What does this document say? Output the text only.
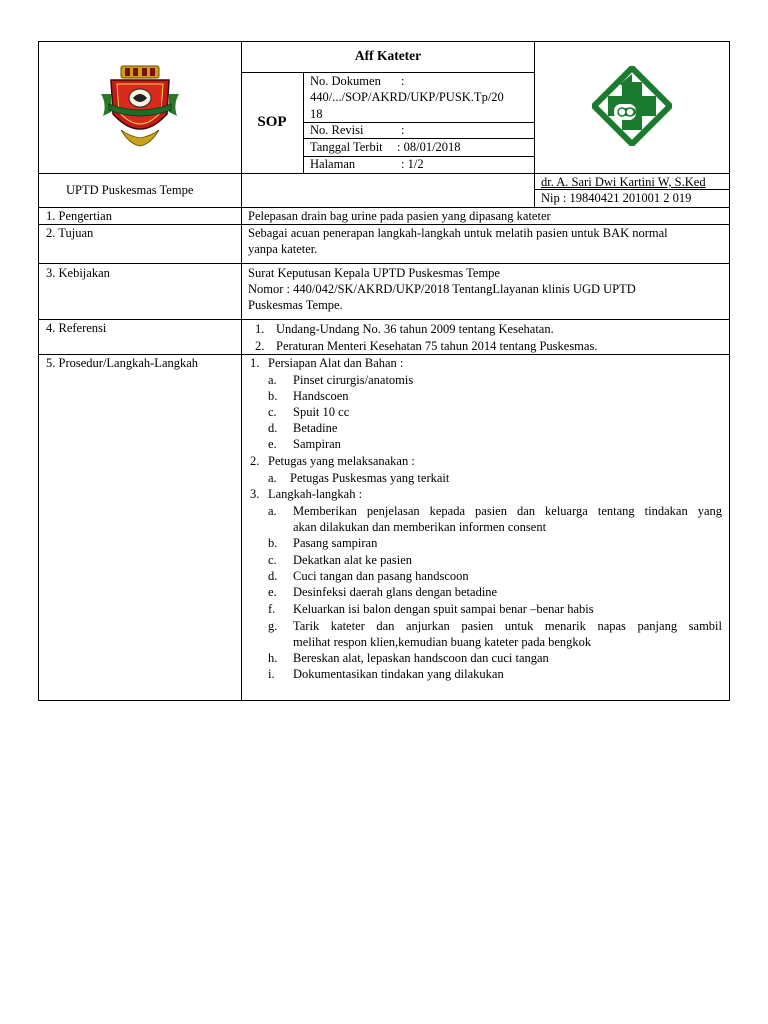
Aff Kateter
SOP
No. Dokumen :
440/.../SOP/AKRD/UKP/PUSK.Tp/20
18
No. Revisi	:
Tanggal Terbit : 08/01/2018
Halaman	: 1/2
UPTD Puskesmas Tempe
dr. A. Sari Dwi Kartini W, S.Ked
Nip : 19840421 201001 2 019
1. Pengertian	Pelepasan drain bag urine pada pasien yang dipasang kateter
2. Tujuan	Sebagai acuan penerapan langkah-langkah untuk melatih pasien untuk BAK normal
yanpa kateter.
3. Kebijakan	Surat Keputusan Kepala UPTD Puskesmas Tempe
Nomor : 440/042/SK/AKRD/UKP/2018 TentangLlayanan klinis UGD UPTD
Puskesmas Tempe.
4. Referensi	1. Undang-Undang No. 36 tahun 2009 tentang Kesehatan.
2. Peraturan Menteri Kesehatan 75 tahun 2014 tentang Puskesmas.
5. Prosedur/Langkah-Langkah	1. Persiapan Alat dan Bahan :
a. Pinset cirurgis/anatomis
b. Handscoen
c. Spuit 10 cc
d. Betadine
e. Sampiran
2. Petugas yang melaksanakan :
a. Petugas Puskesmas yang terkait
3. Langkah-langkah :
a. Memberikan penjelasan kepada pasien dan keluarga tentang tindakan yang
akan dilakukan dan memberikan informen consent
b. Pasang sampiran
c. Dekatkan alat ke pasien
d. Cuci tangan dan pasang handscoon
e. Desinfeksi daerah glans dengan betadine
f. Keluarkan isi balon dengan spuit sampai benar –benar habis
g. Tarik kateter dan anjurkan pasien untuk menarik napas panjang sambil
melihat respon klien,kemudian buang kateter pada bengkok
h. Bereskan alat, lepaskan handscoon dan cuci tangan
i. Dokumentasikan tindakan yang dilakukan
